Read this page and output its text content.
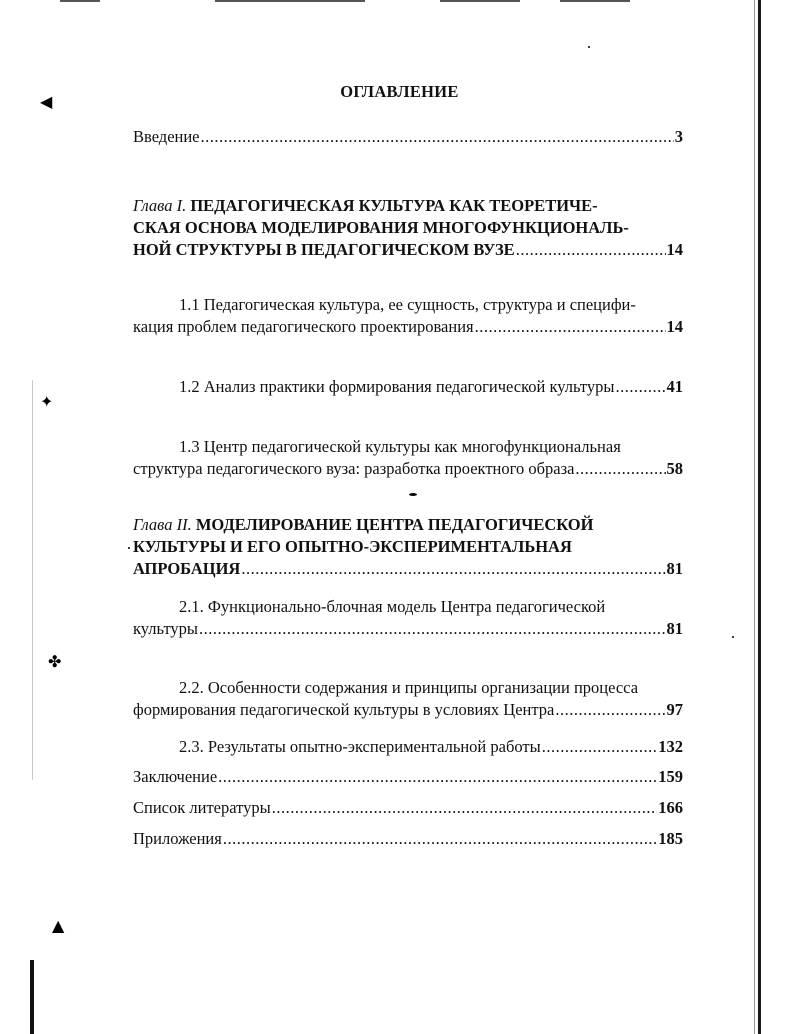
◀
✦
✤
▲
ОГЛАВЛЕНИЕ
Введение .....	3
Глава I. ПЕДАГОГИЧЕСКАЯ КУЛЬТУРА КАК ТЕОРЕТИЧЕ-
СКАЯ ОСНОВА МОДЕЛИРОВАНИЯ МНОГОФУНКЦИОНАЛЬ-
НОЙ СТРУКТУРЫ В ПЕДАГОГИЧЕСКОМ ВУЗЕ .....	14
1.1 Педагогическая культура, ее сущность, структура и специфи-
кация проблем педагогического проектирования .....	14
1.2 Анализ практики формирования педагогической культуры .....	41
1.3 Центр педагогической культуры как многофункциональная
структура педагогического вуза: разработка проектного образа .....	58
Глава II. МОДЕЛИРОВАНИЕ ЦЕНТРА ПЕДАГОГИЧЕСКОЙ
КУЛЬТУРЫ И ЕГО ОПЫТНО-ЭКСПЕРИМЕНТАЛЬНАЯ
АПРОБАЦИЯ .....	81
2.1. Функционально-блочная модель Центра педагогической
культуры .....	81
2.2. Особенности содержания и принципы организации процесса
формирования педагогической культуры в условиях Центра .....	97
2.3. Результаты опытно-экспериментальной работы .....	132
Заключение .....	159
Список литературы .....	166
Приложения .....	185
